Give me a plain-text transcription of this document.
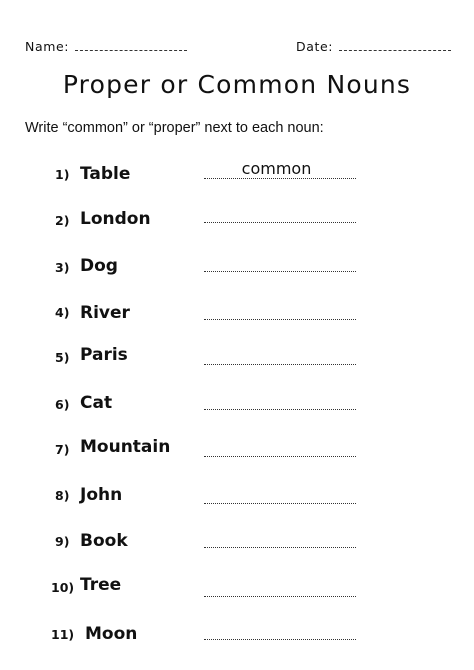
Name:	Date:
Proper or Common Nouns

Write “common” or “proper” next to each noun:

1) Table	common
2) London
3) Dog
4) River
5) Paris
6) Cat
7) Mountain
8) John
9) Book
10) Tree
11) Moon
